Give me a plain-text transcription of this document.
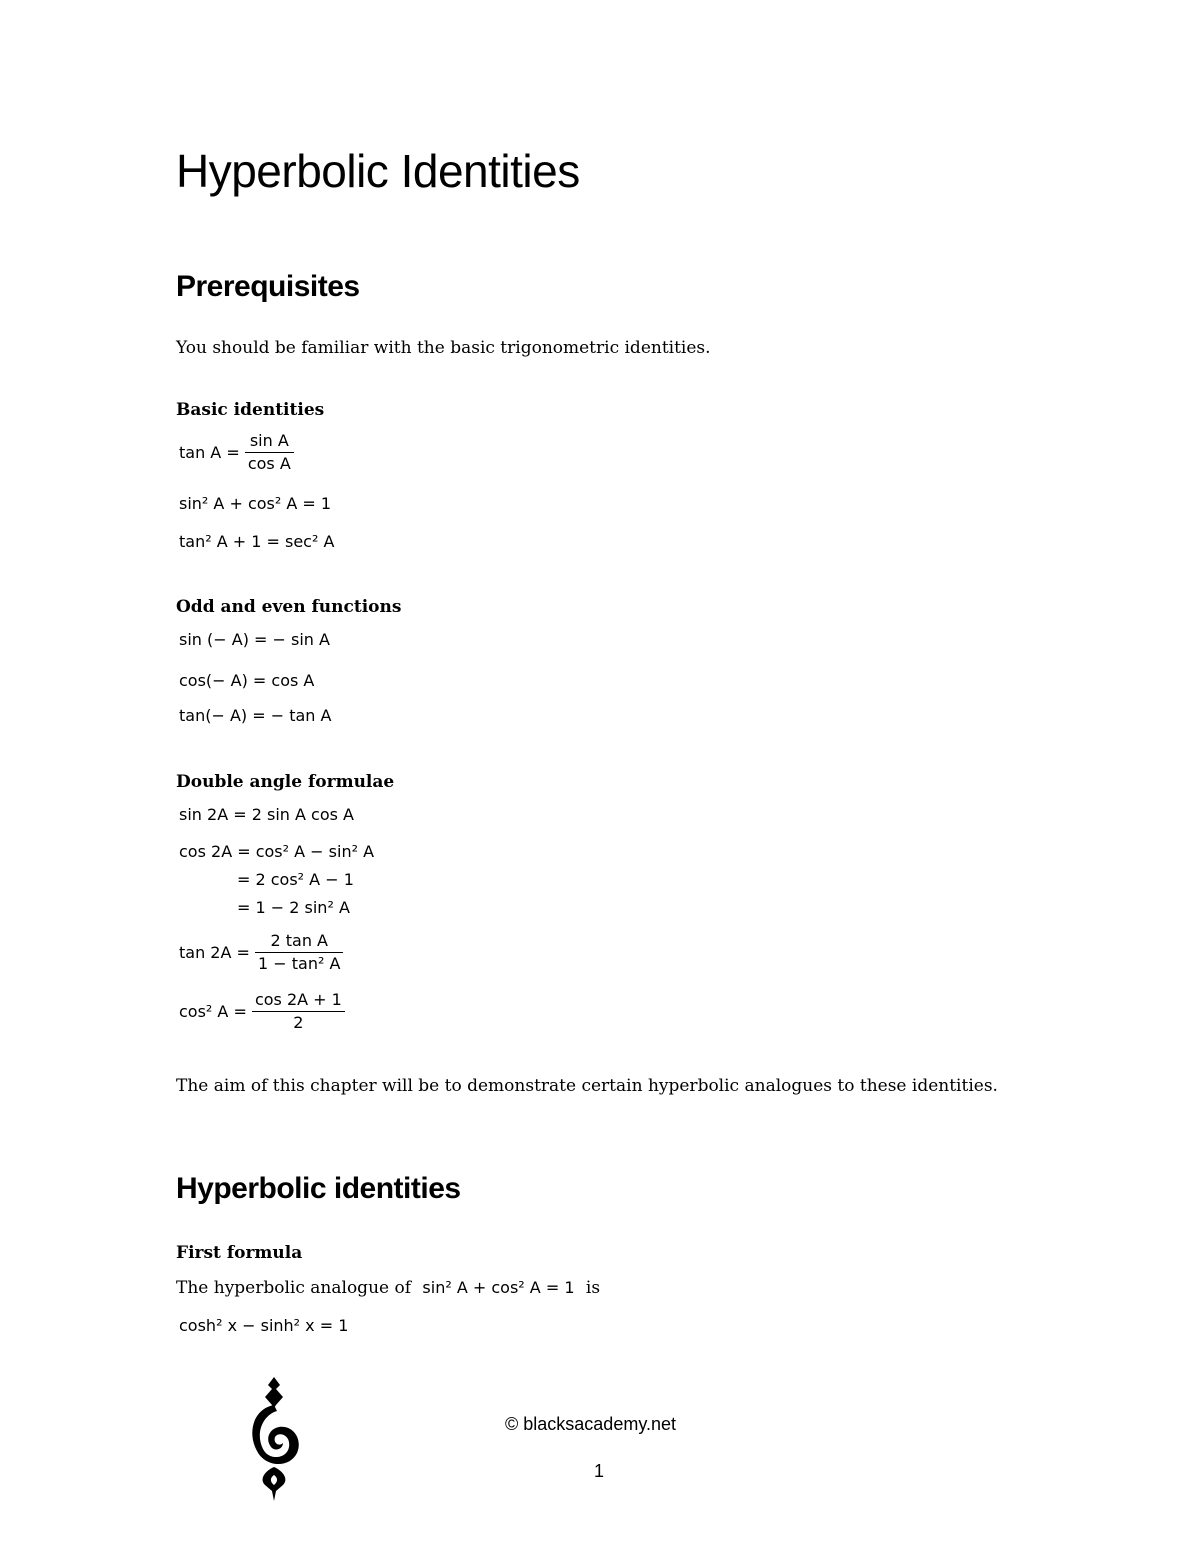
Hyperbolic Identities
Prerequisites
You should be familiar with the basic trigonometric identities.
Basic identities
$\tan A = \frac{\text{sin A}}{\text{cos A}}$
sin² A + cos² A = 1
tan² A + 1 = sec² A
Odd and even functions
sin (− A) = − sin A
cos(− A) = cos A
tan(− A) = − tan A
Double angle formulae
sin 2A = 2 sin A cos A
cos 2A = cos² A − sin² A
= 2 cos² A − 1
= 1 − 2 sin² A
$\tan 2A = \frac{\text{2 tan A}}{\text{1 − tan² A}}$
cos² $A = \frac{\cos 2A + 1}{2}$
The aim of this chapter will be to demonstrate certain hyperbolic analogues to these identities.
Hyperbolic identities
First formula
The hyperbolic analogue of sin² A + cos² A = 1 is
cosh² x − sinh² x = 1
© blacksacademy.net
1
